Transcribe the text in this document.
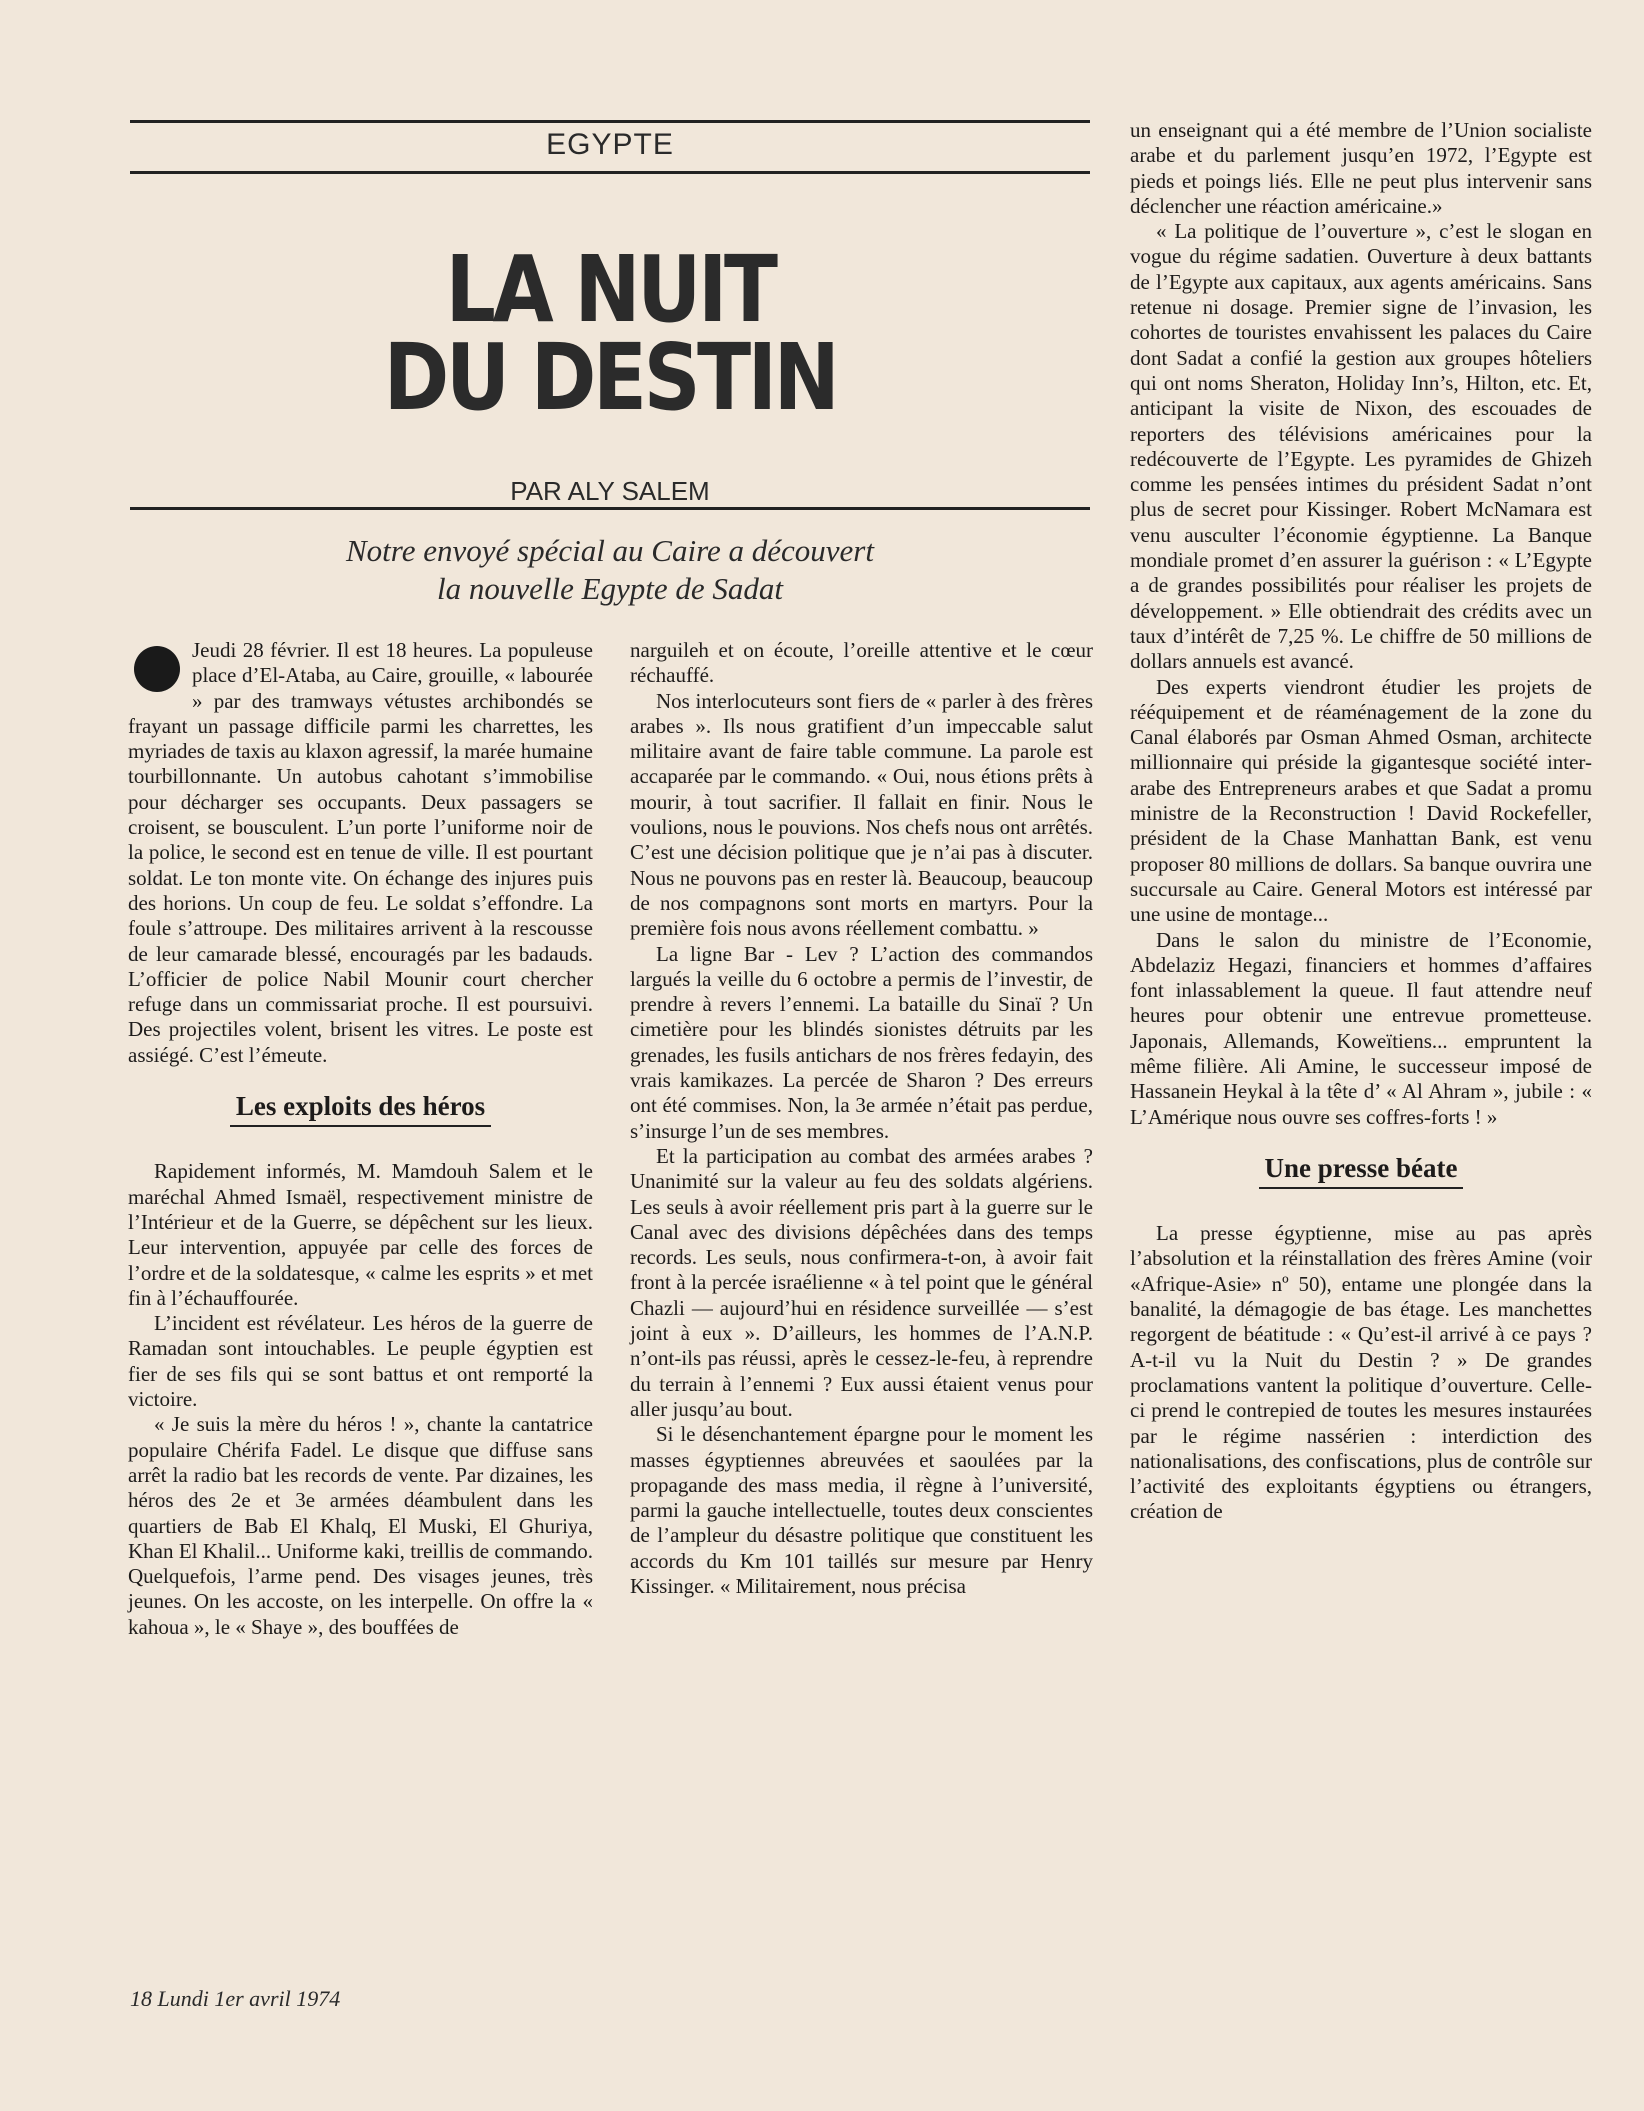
EGYPTE
LA NUIT
DU DESTIN
PAR ALY SALEM
Notre envoyé spécial au Caire a découvert
la nouvelle Egypte de Sadat

Jeudi 28 février. Il est 18 heures. La populeuse place d’El-Ataba, au Caire, grouille, « labourée » par des tramways vétustes archibondés se frayant un passage difficile parmi les charrettes, les myriades de taxis au klaxon agressif, la marée humaine tourbillonnante. Un autobus cahotant s’immobilise pour décharger ses occupants. Deux passagers se croisent, se bousculent. L’un porte l’uniforme noir de la police, le second est en tenue de ville. Il est pourtant soldat. Le ton monte vite. On échange des injures puis des horions. Un coup de feu. Le soldat s’effondre. La foule s’attroupe. Des militaires arrivent à la rescousse de leur camarade blessé, encouragés par les badauds. L’officier de police Nabil Mounir court chercher refuge dans un commissariat proche. Il est poursuivi. Des projectiles volent, brisent les vitres. Le poste est assiégé. C’est l’émeute.

Les exploits des héros

Rapidement informés, M. Mamdouh Salem et le maréchal Ahmed Ismaël, respectivement ministre de l’Intérieur et de la Guerre, se dépêchent sur les lieux. Leur intervention, appuyée par celle des forces de l’ordre et de la soldatesque, « calme les esprits » et met fin à l’échauffourée.

L’incident est révélateur. Les héros de la guerre de Ramadan sont intouchables. Le peuple égyptien est fier de ses fils qui se sont battus et ont remporté la victoire.

« Je suis la mère du héros ! », chante la cantatrice populaire Chérifa Fadel. Le disque que diffuse sans arrêt la radio bat les records de vente. Par dizaines, les héros des 2e et 3e armées déambulent dans les quartiers de Bab El Khalq, El Muski, El Ghuriya, Khan El Khalil... Uniforme kaki, treillis de commando. Quelquefois, l’arme pend. Des visages jeunes, très jeunes. On les accoste, on les interpelle. On offre la « kahoua », le « Shaye », des bouffées de

narguileh et on écoute, l’oreille attentive et le cœur réchauffé.

Nos interlocuteurs sont fiers de « parler à des frères arabes ». Ils nous gratifient d’un impeccable salut militaire avant de faire table commune. La parole est accaparée par le commando. « Oui, nous étions prêts à mourir, à tout sacrifier. Il fallait en finir. Nous le voulions, nous le pouvions. Nos chefs nous ont arrêtés. C’est une décision politique que je n’ai pas à discuter. Nous ne pouvons pas en rester là. Beaucoup, beaucoup de nos compagnons sont morts en martyrs. Pour la première fois nous avons réellement combattu. »

La ligne Bar - Lev ? L’action des commandos largués la veille du 6 octobre a permis de l’investir, de prendre à revers l’ennemi. La bataille du Sinaï ? Un cimetière pour les blindés sionistes détruits par les grenades, les fusils antichars de nos frères fedayin, des vrais kamikazes. La percée de Sharon ? Des erreurs ont été commises. Non, la 3e armée n’était pas perdue, s’insurge l’un de ses membres.

Et la participation au combat des armées arabes ? Unanimité sur la valeur au feu des soldats algériens. Les seuls à avoir réellement pris part à la guerre sur le Canal avec des divisions dépêchées dans des temps records. Les seuls, nous confirmera-t-on, à avoir fait front à la percée israélienne « à tel point que le général Chazli — aujourd’hui en résidence surveillée — s’est joint à eux ». D’ailleurs, les hommes de l’A.N.P. n’ont-ils pas réussi, après le cessez-le-feu, à reprendre du terrain à l’ennemi ? Eux aussi étaient venus pour aller jusqu’au bout.

Si le désenchantement épargne pour le moment les masses égyptiennes abreuvées et saoulées par la propagande des mass media, il règne à l’université, parmi la gauche intellectuelle, toutes deux conscientes de l’ampleur du désastre politique que constituent les accords du Km 101 taillés sur mesure par Henry Kissinger. « Militairement, nous précisa

un enseignant qui a été membre de l’Union socialiste arabe et du parlement jusqu’en 1972, l’Egypte est pieds et poings liés. Elle ne peut plus intervenir sans déclencher une réaction américaine.»

« La politique de l’ouverture », c’est le slogan en vogue du régime sadatien. Ouverture à deux battants de l’Egypte aux capitaux, aux agents américains. Sans retenue ni dosage. Premier signe de l’invasion, les cohortes de touristes envahissent les palaces du Caire dont Sadat a confié la gestion aux groupes hôteliers qui ont noms Sheraton, Holiday Inn’s, Hilton, etc. Et, anticipant la visite de Nixon, des escouades de reporters des télévisions américaines pour la redécouverte de l’Egypte. Les pyramides de Ghizeh comme les pensées intimes du président Sadat n’ont plus de secret pour Kissinger. Robert McNamara est venu ausculter l’économie égyptienne. La Banque mondiale promet d’en assurer la guérison : « L’Egypte a de grandes possibilités pour réaliser les projets de développement. » Elle obtiendrait des crédits avec un taux d’intérêt de 7,25 %. Le chiffre de 50 millions de dollars annuels est avancé.

Des experts viendront étudier les projets de rééquipement et de réaménagement de la zone du Canal élaborés par Osman Ahmed Osman, architecte millionnaire qui préside la gigantesque société inter-arabe des Entrepreneurs arabes et que Sadat a promu ministre de la Reconstruction ! David Rockefeller, président de la Chase Manhattan Bank, est venu proposer 80 millions de dollars. Sa banque ouvrira une succursale au Caire. General Motors est intéressé par une usine de montage...

Dans le salon du ministre de l’Economie, Abdelaziz Hegazi, financiers et hommes d’affaires font inlassablement la queue. Il faut attendre neuf heures pour obtenir une entrevue prometteuse. Japonais, Allemands, Koweïtiens... empruntent la même filière. Ali Amine, le successeur imposé de Hassanein Heykal à la tête d’ « Al Ahram », jubile : « L’Amérique nous ouvre ses coffres-forts ! »

Une presse béate

La presse égyptienne, mise au pas après l’absolution et la réinstallation des frères Amine (voir «Afrique-Asie» nº 50), entame une plongée dans la banalité, la démagogie de bas étage. Les manchettes regorgent de béatitude : « Qu’est-il arrivé à ce pays ? A-t-il vu la Nuit du Destin ? » De grandes proclamations vantent la politique d’ouverture. Celle-ci prend le contrepied de toutes les mesures instaurées par le régime nassérien : interdiction des nationalisations, des confiscations, plus de contrôle sur l’activité des exploitants égyptiens ou étrangers, création de

18 Lundi 1er avril 1974
